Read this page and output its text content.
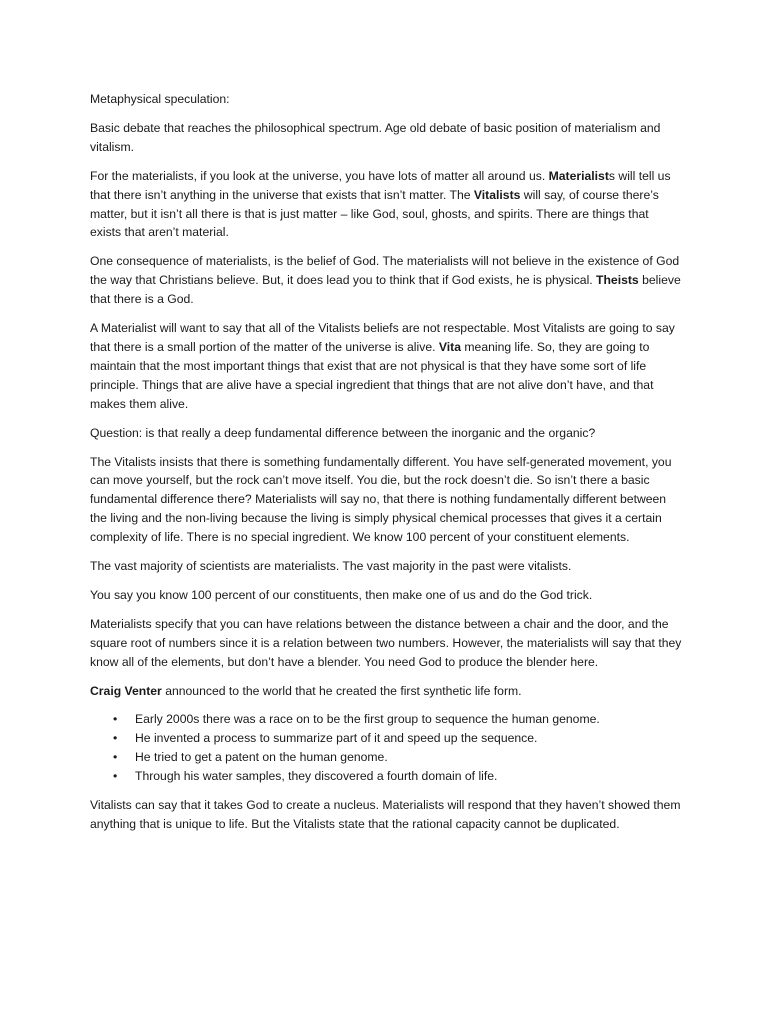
Metaphysical speculation:

Basic debate that reaches the philosophical spectrum. Age old debate of basic position of materialism and vitalism.

For the materialists, if you look at the universe, you have lots of matter all around us. Materialists will tell us that there isn’t anything in the universe that exists that isn’t matter. The Vitalists will say, of course there’s matter, but it isn’t all there is that is just matter – like God, soul, ghosts, and spirits. There are things that exists that aren’t material.

One consequence of materialists, is the belief of God. The materialists will not believe in the existence of God the way that Christians believe. But, it does lead you to think that if God exists, he is physical. Theists believe that there is a God.

A Materialist will want to say that all of the Vitalists beliefs are not respectable. Most Vitalists are going to say that there is a small portion of the matter of the universe is alive. Vita meaning life. So, they are going to maintain that the most important things that exist that are not physical is that they have some sort of life principle. Things that are alive have a special ingredient that things that are not alive don’t have, and that makes them alive.

Question: is that really a deep fundamental difference between the inorganic and the organic?

The Vitalists insists that there is something fundamentally different. You have self-generated movement, you can move yourself, but the rock can’t move itself. You die, but the rock doesn’t die. So isn’t there a basic fundamental difference there? Materialists will say no, that there is nothing fundamentally different between the living and the non-living because the living is simply physical chemical processes that gives it a certain complexity of life. There is no special ingredient. We know 100 percent of your constituent elements.

The vast majority of scientists are materialists. The vast majority in the past were vitalists.

You say you know 100 percent of our constituents, then make one of us and do the God trick.

Materialists specify that you can have relations between the distance between a chair and the door, and the square root of numbers since it is a relation between two numbers. However, the materialists will say that they know all of the elements, but don’t have a blender. You need God to produce the blender here.

Craig Venter announced to the world that he created the first synthetic life form.

• Early 2000s there was a race on to be the first group to sequence the human genome.
• He invented a process to summarize part of it and speed up the sequence.
• He tried to get a patent on the human genome.
• Through his water samples, they discovered a fourth domain of life.

Vitalists can say that it takes God to create a nucleus. Materialists will respond that they haven’t showed them anything that is unique to life. But the Vitalists state that the rational capacity cannot be duplicated.
